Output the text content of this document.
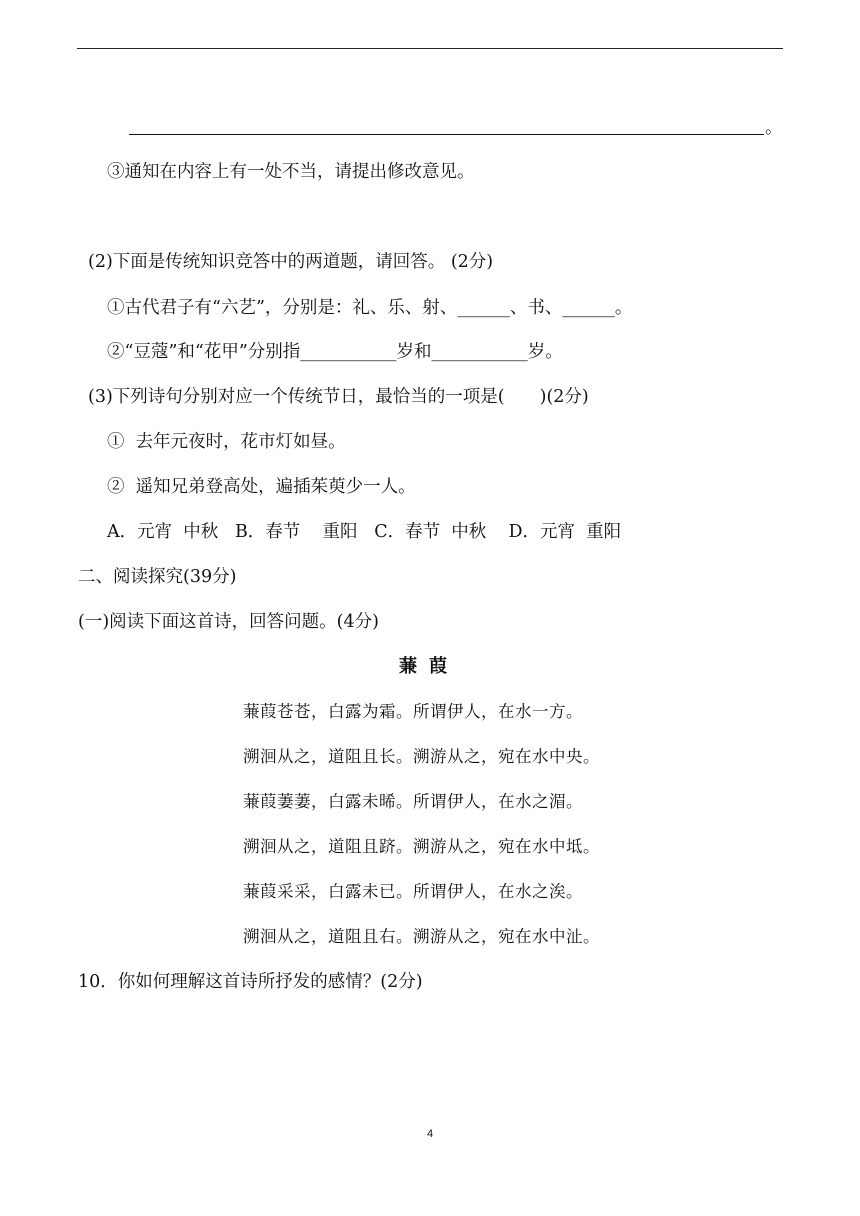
。
③通知在内容上有一处不当，请提出修改意见。
(2)下面是传统知识竞答中的两道题，请回答。 (2分)
①古代君子有“六艺”，分别是：礼、乐、射、______、书、______。
②“豆蔻”和“花甲”分别指___________岁和___________岁。
(3)下列诗句分别对应一个传统节日，最恰当的一项是(　　)(2分)
①  去年元夜时，花市灯如昼。
②  遥知兄弟登高处，遍插茱萸少一人。
A．元宵  中秋   B．春节    重阳   C．春节  中秋    D．元宵  重阳
二、阅读探究(39分)
(一)阅读下面这首诗，回答问题。(4分)
蒹葭
蒹葭苍苍，白露为霜。所谓伊人，在水一方。
溯洄从之，道阻且长。溯游从之，宛在水中央。
蒹葭萋萋，白露未晞。所谓伊人，在水之湄。
溯洄从之，道阻且跻。溯游从之，宛在水中坻。
蒹葭采采，白露未已。所谓伊人，在水之涘。
溯洄从之，道阻且右。溯游从之，宛在水中沚。
10．你如何理解这首诗所抒发的感情？(2分)
4
